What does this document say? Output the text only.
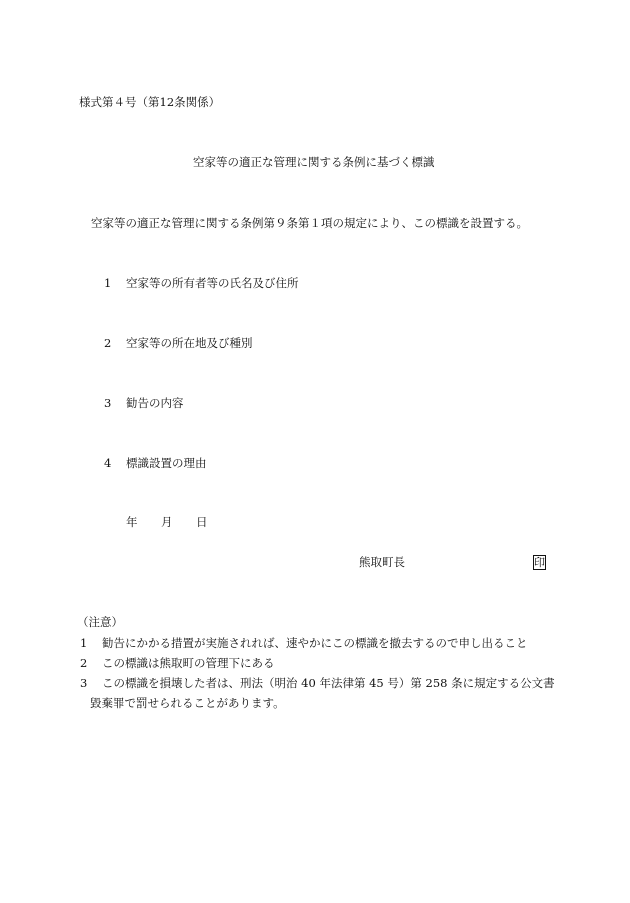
様式第４号（第12条関係）
空家等の適正な管理に関する条例に基づく標識
空家等の適正な管理に関する条例第９条第１項の規定により、この標識を設置する。
1 空家等の所有者等の氏名及び住所
2 空家等の所在地及び種別
3 勧告の内容
4 標識設置の理由
年 月 日
熊取町長	印
（注意）
1 勧告にかかる措置が実施されれば、速やかにこの標識を撤去するので申し出ること
2 この標識は熊取町の管理下にある
3 この標識を損壊した者は、刑法（明治 40 年法律第 45 号）第 258 条に規定する公文書
毀棄罪で罰せられることがあります。
